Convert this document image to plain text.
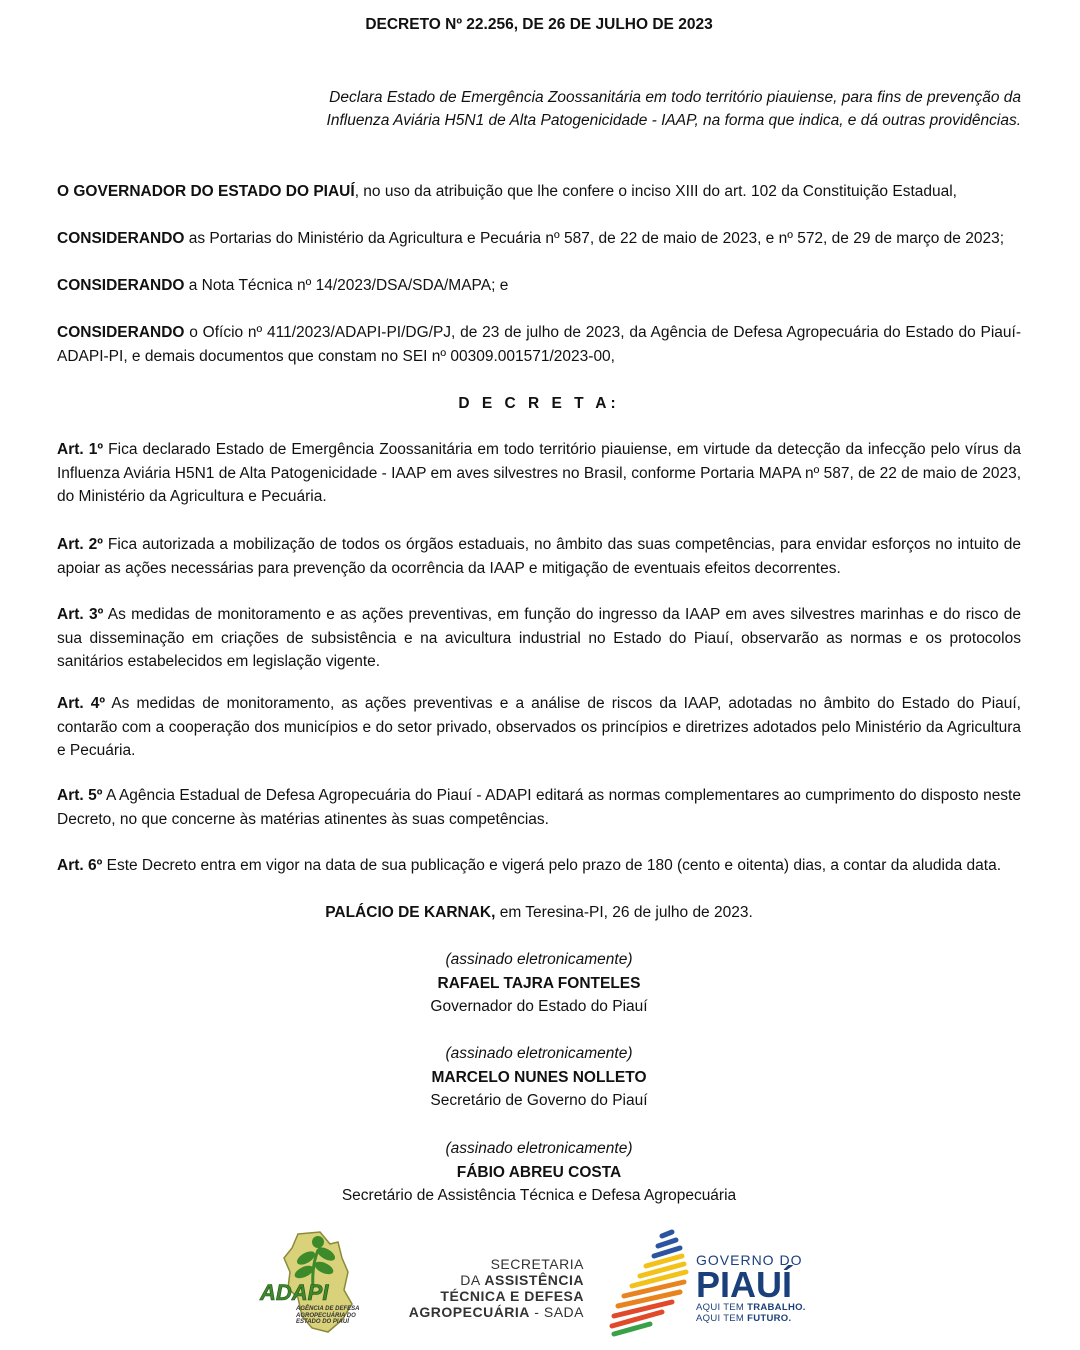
DECRETO Nº 22.256, DE 26 DE JULHO DE 2023
Declara Estado de Emergência Zoossanitária em todo território piauiense, para fins de prevenção da
Influenza Aviária H5N1 de Alta Patogenicidade - IAAP, na forma que indica, e dá outras providências.
O GOVERNADOR DO ESTADO DO PIAUÍ, no uso da atribuição que lhe confere o inciso XIII do art. 102 da Constituição Estadual,
CONSIDERANDO as Portarias do Ministério da Agricultura e Pecuária nº 587, de 22 de maio de 2023, e nº 572, de 29 de março de 2023;
CONSIDERANDO a Nota Técnica nº 14/2023/DSA/SDA/MAPA; e
CONSIDERANDO o Ofício nº 411/2023/ADAPI-PI/DG/PJ, de 23 de julho de 2023, da Agência de Defesa Agropecuária do Estado do Piauí-ADAPI-PI, e demais documentos que constam no SEI nº 00309.001571/2023-00,
D E C R E T A:
Art. 1º Fica declarado Estado de Emergência Zoossanitária em todo território piauiense, em virtude da detecção da infecção pelo vírus da Influenza Aviária H5N1 de Alta Patogenicidade - IAAP em aves silvestres no Brasil, conforme Portaria MAPA nº 587, de 22 de maio de 2023, do Ministério da Agricultura e Pecuária.
Art. 2º Fica autorizada a mobilização de todos os órgãos estaduais, no âmbito das suas competências, para envidar esforços no intuito de apoiar as ações necessárias para prevenção da ocorrência da IAAP e mitigação de eventuais efeitos decorrentes.
Art. 3º As medidas de monitoramento e as ações preventivas, em função do ingresso da IAAP em aves silvestres marinhas e do risco de sua disseminação em criações de subsistência e na avicultura industrial no Estado do Piauí, observarão as normas e os protocolos sanitários estabelecidos em legislação vigente.
Art. 4º As medidas de monitoramento, as ações preventivas e a análise de riscos da IAAP, adotadas no âmbito do Estado do Piauí, contarão com a cooperação dos municípios e do setor privado, observados os princípios e diretrizes adotados pelo Ministério da Agricultura e Pecuária.
Art. 5º A Agência Estadual de Defesa Agropecuária do Piauí - ADAPI editará as normas complementares ao cumprimento do disposto neste Decreto, no que concerne às matérias atinentes às suas competências.
Art. 6º Este Decreto entra em vigor na data de sua publicação e vigerá pelo prazo de 180 (cento e oitenta) dias, a contar da aludida data.
PALÁCIO DE KARNAK, em Teresina-PI, 26 de julho de 2023.
(assinado eletronicamente)
RAFAEL TAJRA FONTELES
Governador do Estado do Piauí
(assinado eletronicamente)
MARCELO NUNES NOLLETO
Secretário de Governo do Piauí
(assinado eletronicamente)
FÁBIO ABREU COSTA
Secretário de Assistência Técnica e Defesa Agropecuária
ADAPI
AGÊNCIA DE DEFESA
AGROPECUÁRIA DO
ESTADO DO PIAUÍ
SECRETARIA
DA ASSISTÊNCIA
TÉCNICA E DEFESA
AGROPECUÁRIA - SADA
GOVERNO DO
PIAUÍ
AQUI TEM TRABALHO.
AQUI TEM FUTURO.
